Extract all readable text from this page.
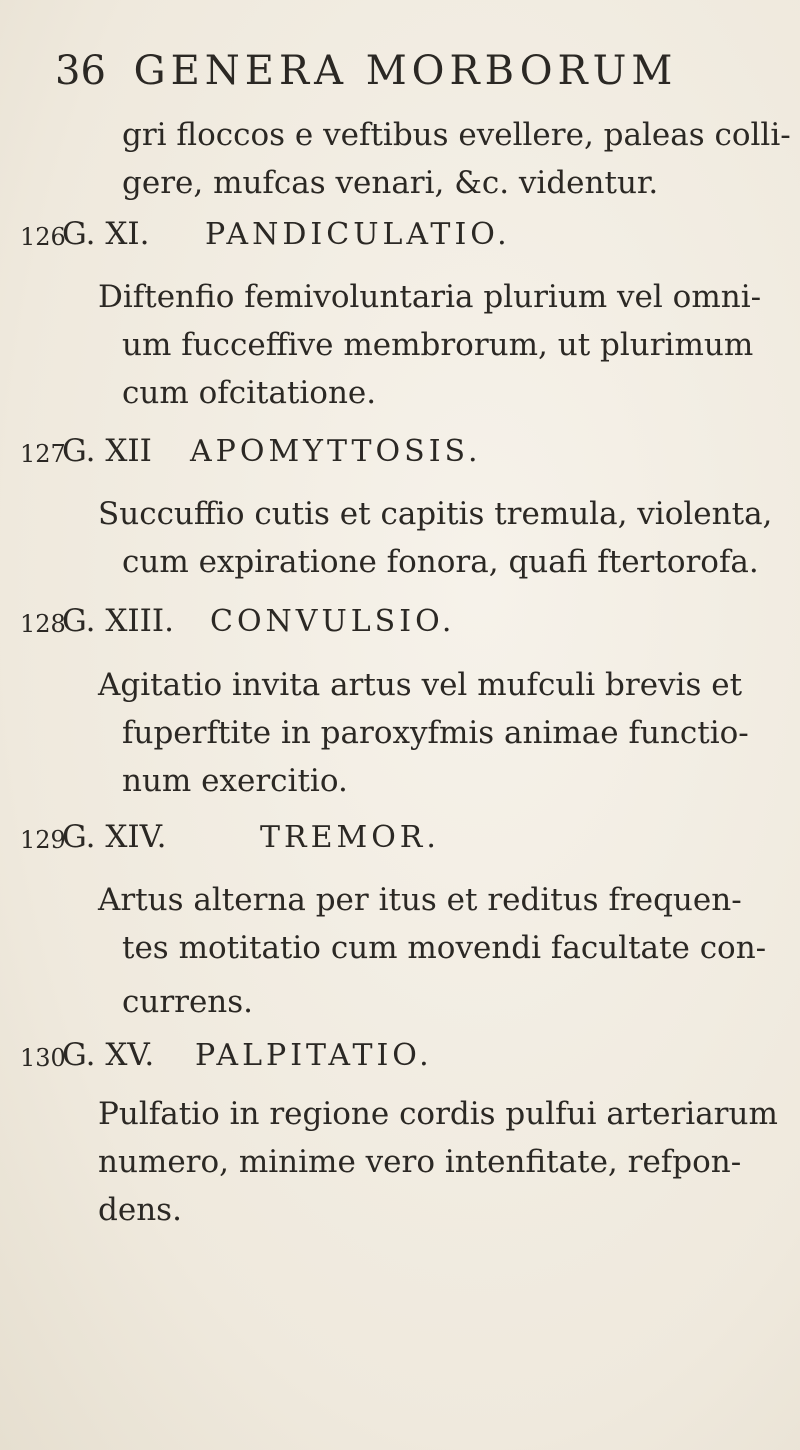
36 GENERA MORBORUM
gri floccos e veftibus evellere, paleas colli-
gere, mufcas venari, &c. videntur.
126
G. XI. PANDICULATIO.
Diftenfio femivoluntaria plurium vel omni-
um fucceffive membrorum, ut plurimum
cum ofcitatione.
127
G. XII APOMYTTOSIS.
Succuffio cutis et capitis tremula, violenta,
cum expiratione fonora, quafi ftertorofa.
128
G. XIII. CONVULSIO.
Agitatio invita artus vel mufculi brevis et
fuperftite in paroxyfmis animae functio-
num exercitio.
129
G. XIV.	TREMOR.
Artus alterna per itus et reditus frequen-
tes motitatio cum movendi facultate con-
currens.
130
G. XV. PALPITATIO.
Pulfatio in regione cordis pulfui arteriarum
numero, minime vero intenfitate, refpon-
dens.
